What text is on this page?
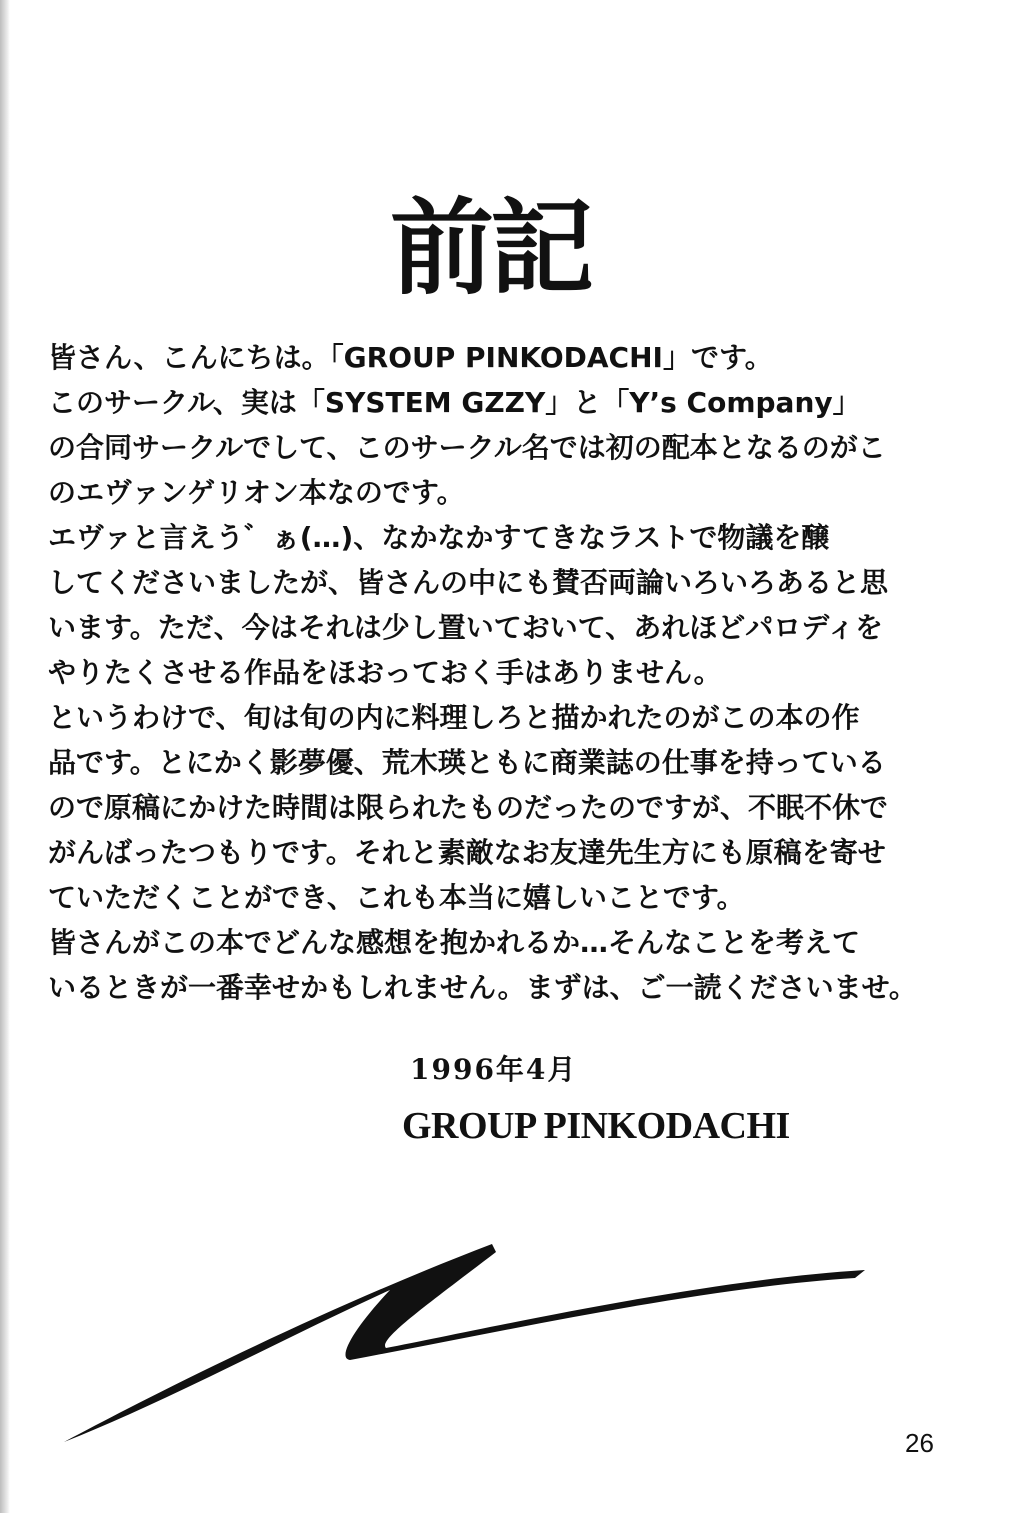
前記
皆さん、こんにちは。「GROUP PINKODACHI」です。
このサークル、実は「SYSTEM GZZY」と「Y’s Company」
の合同サークルでして、このサークル名では初の配本となるのがこ
のエヴァンゲリオン本なのです。
エヴァと言えう゛ぁ(…)、なかなかすてきなラストで物議を醸
してくださいましたが、皆さんの中にも賛否両論いろいろあると思
います。ただ、今はそれは少し置いておいて、あれほどパロディを
やりたくさせる作品をほおっておく手はありません。
というわけで、旬は旬の内に料理しろと描かれたのがこの本の作
品です。とにかく影夢優、荒木瑛ともに商業誌の仕事を持っている
ので原稿にかけた時間は限られたものだったのですが、不眠不休で
がんばったつもりです。それと素敵なお友達先生方にも原稿を寄せ
ていただくことができ、これも本当に嬉しいことです。
皆さんがこの本でどんな感想を抱かれるか…そんなことを考えて
いるときが一番幸せかもしれません。まずは、ご一読くださいませ。
1996年4月
GROUP PINKODACHI
26
